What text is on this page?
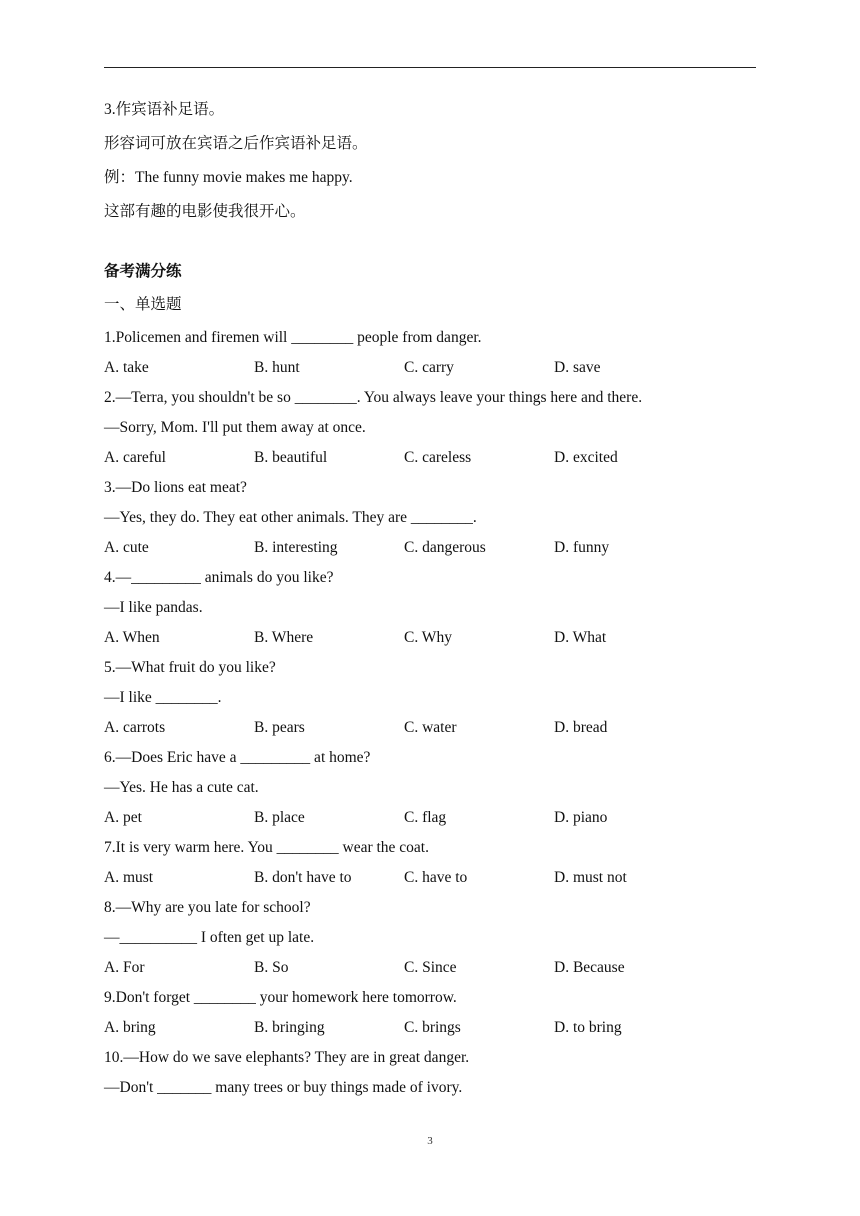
3.作宾语补足语。
形容词可放在宾语之后作宾语补足语。
例：The funny movie makes me happy.
这部有趣的电影使我很开心。
备考满分练
一、单选题
1.Policemen and firemen will ________ people from danger.
A. take	B. hunt	C. carry	D. save
2.—Terra, you shouldn't be so ________. You always leave your things here and there.
—Sorry, Mom. I'll put them away at once.
A. careful	B. beautiful	C. careless	D. excited
3.—Do lions eat meat?
—Yes, they do. They eat other animals. They are ________.
A. cute	B. interesting	C. dangerous	D. funny
4.—_________ animals do you like?
—I like pandas.
A. When	B. Where	C. Why	D. What
5.—What fruit do you like?
—I like ________.
A. carrots	B. pears	C. water	D. bread
6.—Does Eric have a _________ at home?
—Yes. He has a cute cat.
A. pet	B. place	C. flag	D. piano
7.It is very warm here. You ________ wear the coat.
A. must	B. don't have to	C. have to	D. must not
8.—Why are you late for school?
—__________ I often get up late.
A. For	B. So	C. Since	D. Because
9.Don't forget ________ your homework here tomorrow.
A. bring	B. bringing	C. brings	D. to bring
10.—How do we save elephants? They are in great danger.
—Don't _______ many trees or buy things made of ivory.
3
